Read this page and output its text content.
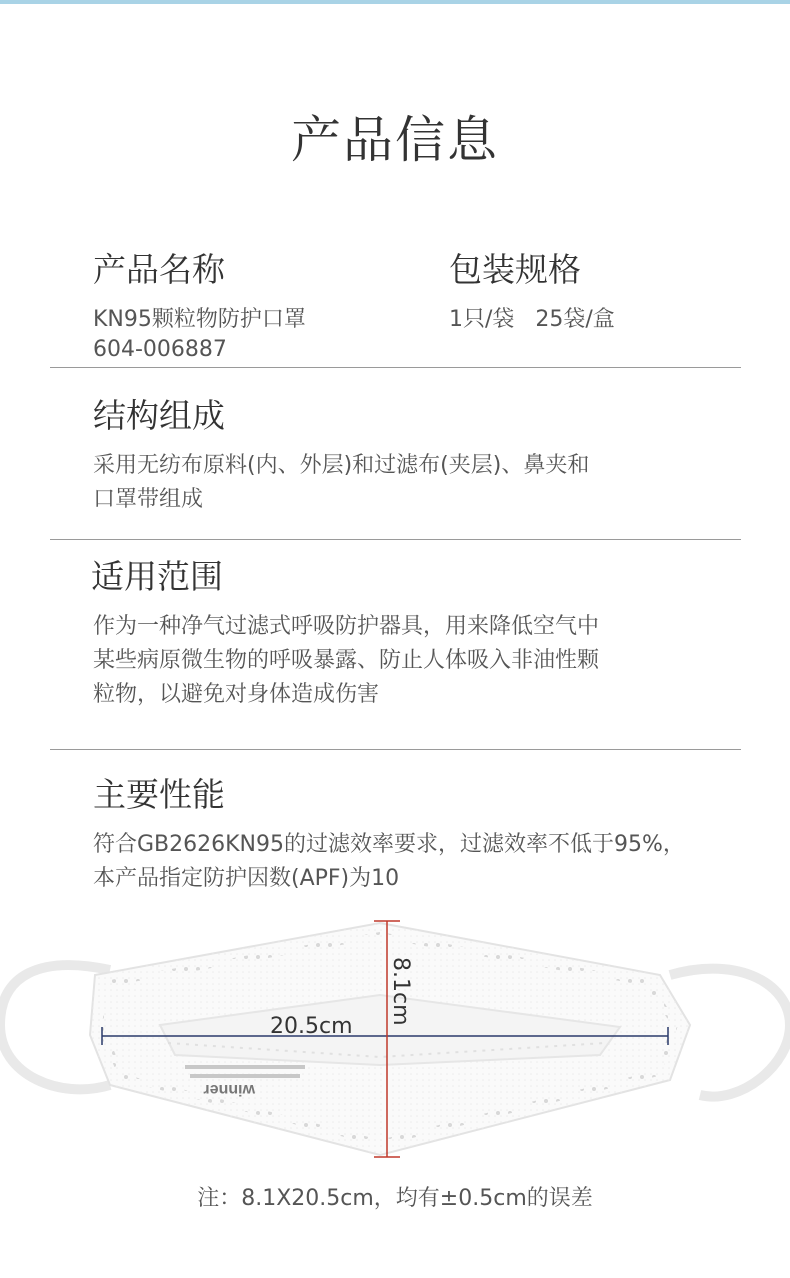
产品信息
产品名称
KN95颗粒物防护口罩
604-006887
包装规格
1只/袋   25袋/盒
结构组成
采用无纺布原料(内、外层)和过滤布(夹层)、鼻夹和
口罩带组成
适用范围
作为一种净气过滤式呼吸防护器具，用来降低空气中
某些病原微生物的呼吸暴露、防止人体吸入非油性颗
粒物，以避免对身体造成伤害
主要性能
符合GB2626KN95的过滤效率要求，过滤效率不低于95%，
本产品指定防护因数(APF)为10
winner
20.5cm
8.1cm
注：8.1X20.5cm，均有±0.5cm的误差
